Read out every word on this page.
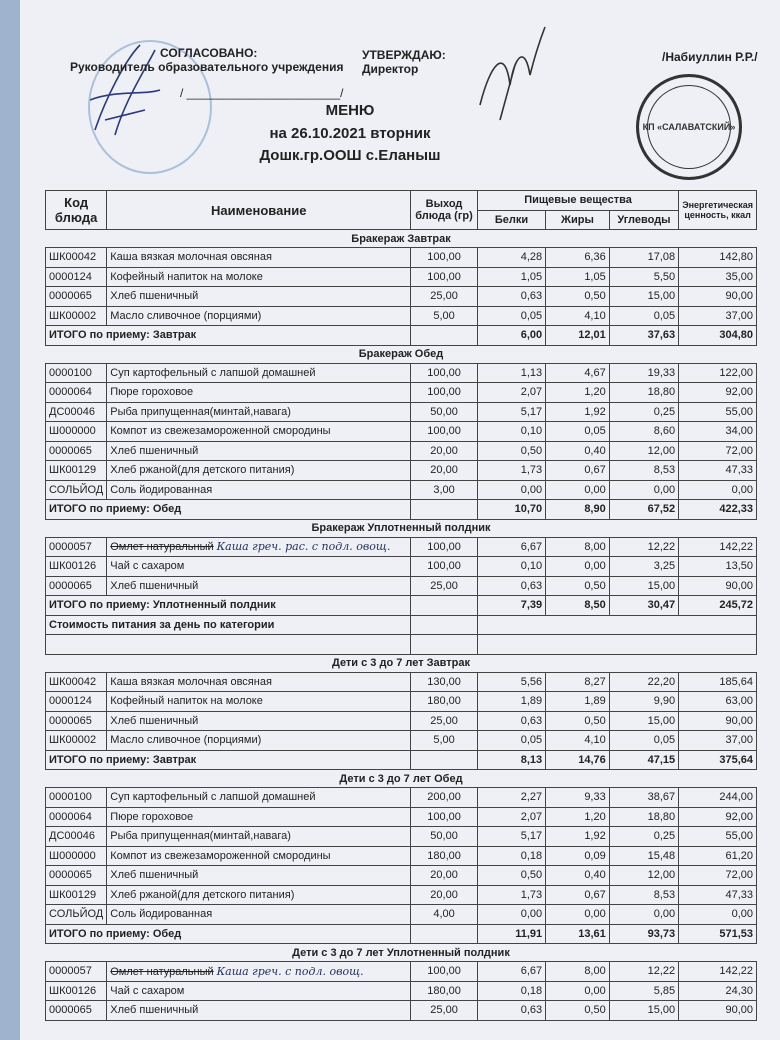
КП «САЛАВАТСКИЙ»
СОГЛАСОВАНО:
Руководитель образовательного учреждения
/ _______________________/
УТВЕРЖДАЮ:
Директор
/Набиуллин Р.Р./
МЕНЮ
на 26.10.2021 вторник
Дошк.гр.ООШ с.Еланыш
Код блюда	Наименование	Выход блюда (гр)	Пищевые вещества			Энергетическая ценность, ккал
			Белки	Жиры	Углеводы	
Бракераж Завтрак						
ШК00042	Каша вязкая молочная овсяная	100,00	4,28	6,36	17,08	142,80
0000124	Кофейный напиток на молоке	100,00	1,05	1,05	5,50	35,00
0000065	Хлеб пшеничный	25,00	0,63	0,50	15,00	90,00
ШК00002	Масло сливочное (порциями)	5,00	0,05	4,10	0,05	37,00
ИТОГО по приему: Завтрак			6,00	12,01	37,63	304,80
Бракераж Обед						
0000100	Суп картофельный с лапшой домашней	100,00	1,13	4,67	19,33	122,00
0000064	Пюре гороховое	100,00	2,07	1,20	18,80	92,00
ДС00046	Рыба припущенная(минтай,навага)	50,00	5,17	1,92	0,25	55,00
Ш000000	Компот из свежезамороженной смородины	100,00	0,10	0,05	8,60	34,00
0000065	Хлеб пшеничный	20,00	0,50	0,40	12,00	72,00
ШК00129	Хлеб ржаной(для детского питания)	20,00	1,73	0,67	8,53	47,33
СОЛЬЙОД	Соль йодированная	3,00	0,00	0,00	0,00	0,00
ИТОГО по приему: Обед			10,70	8,90	67,52	422,33
Бракераж Уплотненный полдник						
0000057	Омлет натуральный Каша греч. рас. с подл. овощ.	100,00	6,67	8,00	12,22	142,22
ШК00126	Чай с сахаром	100,00	0,10	0,00	3,25	13,50
0000065	Хлеб пшеничный	25,00	0,63	0,50	15,00	90,00
ИТОГО по приему: Уплотненный полдник			7,39	8,50	30,47	245,72
Стоимость питания за день по категории						

Дети с 3 до 7 лет Завтрак						
ШК00042	Каша вязкая молочная овсяная	130,00	5,56	8,27	22,20	185,64
0000124	Кофейный напиток на молоке	180,00	1,89	1,89	9,90	63,00
0000065	Хлеб пшеничный	25,00	0,63	0,50	15,00	90,00
ШК00002	Масло сливочное (порциями)	5,00	0,05	4,10	0,05	37,00
ИТОГО по приему: Завтрак			8,13	14,76	47,15	375,64
Дети с 3 до 7 лет Обед						
0000100	Суп картофельный с лапшой домашней	200,00	2,27	9,33	38,67	244,00
0000064	Пюре гороховое	100,00	2,07	1,20	18,80	92,00
ДС00046	Рыба припущенная(минтай,навага)	50,00	5,17	1,92	0,25	55,00
Ш000000	Компот из свежезамороженной смородины	180,00	0,18	0,09	15,48	61,20
0000065	Хлеб пшеничный	20,00	0,50	0,40	12,00	72,00
ШК00129	Хлеб ржаной(для детского питания)	20,00	1,73	0,67	8,53	47,33
СОЛЬЙОД	Соль йодированная	4,00	0,00	0,00	0,00	0,00
ИТОГО по приему: Обед			11,91	13,61	93,73	571,53
Дети с 3 до 7 лет Уплотненный полдник						
0000057	Омлет натуральный Каша греч. с подл. овощ.	100,00	6,67	8,00	12,22	142,22
ШК00126	Чай с сахаром	180,00	0,18	0,00	5,85	24,30
0000065	Хлеб пшеничный	25,00	0,63	0,50	15,00	90,00
